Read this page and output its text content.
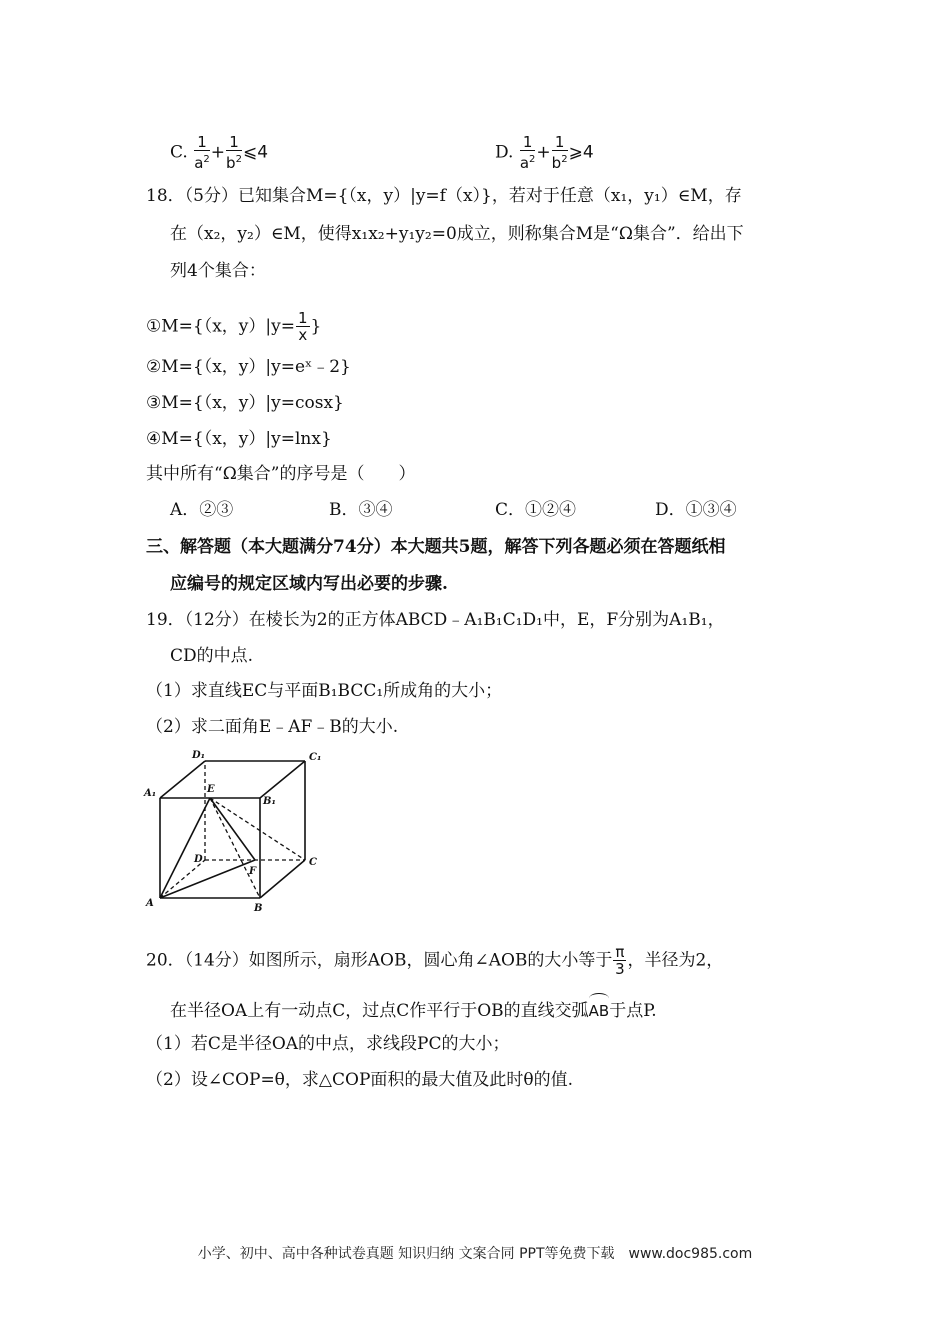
C. $\frac{1}{a^2} + \frac{1}{b^2}$ ⩽4	D. $\frac{1}{a^2} + \frac{1}{b^2}$ ⩾4
18．（5分）已知集合M={（x，y）|y=f（x）}，若对于任意（x₁，y₁）∈M，存
在（x₂，y₂）∈M，使得x₁x₂+y₁y₂=0成立，则称集合M是“Ω集合”．给出下
列4个集合：
①M={（x，$y)|y= \frac{1}{x}$ }
②M={（x，y）|y=eˣ﹣2}
③M={（x，y）|y=cosx}
④M={（x，y）|y=lnx}
其中所有“Ω集合”的序号是（　　）
A．②③	B．③④	C．①②④	D．①③④
三、解答题（本大题满分74分）本大题共5题，解答下列各题必须在答题纸相
应编号的规定区域内写出必要的步骤.
19．（12分）在棱长为2的正方体ABCD﹣A₁B₁C₁D₁中，E，F分别为A₁B₁，
CD的中点.
（1）求直线EC与平面B₁BCC₁所成角的大小；
（2）求二面角E﹣AF﹣B的大小.
D₁	C₁
A₁	E
B₁
D
F
C
A	B
20．（14分）如图所示，扇形AOB，圆心角∠AOB的大小等于 $\frac{\pi}{3}$ ，半径为2，
在半径OA上有一动点C，过点C作平行于OB的直线交弧AB于点P.
（1）若C是半径OA的中点，求线段PC的大小；
（2）设∠COP=θ，求△COP面积的最大值及此时θ的值.
小学、初中、高中各种试卷真题 知识归纳 文案合同 PPT等免费下载　www.doc985.com
